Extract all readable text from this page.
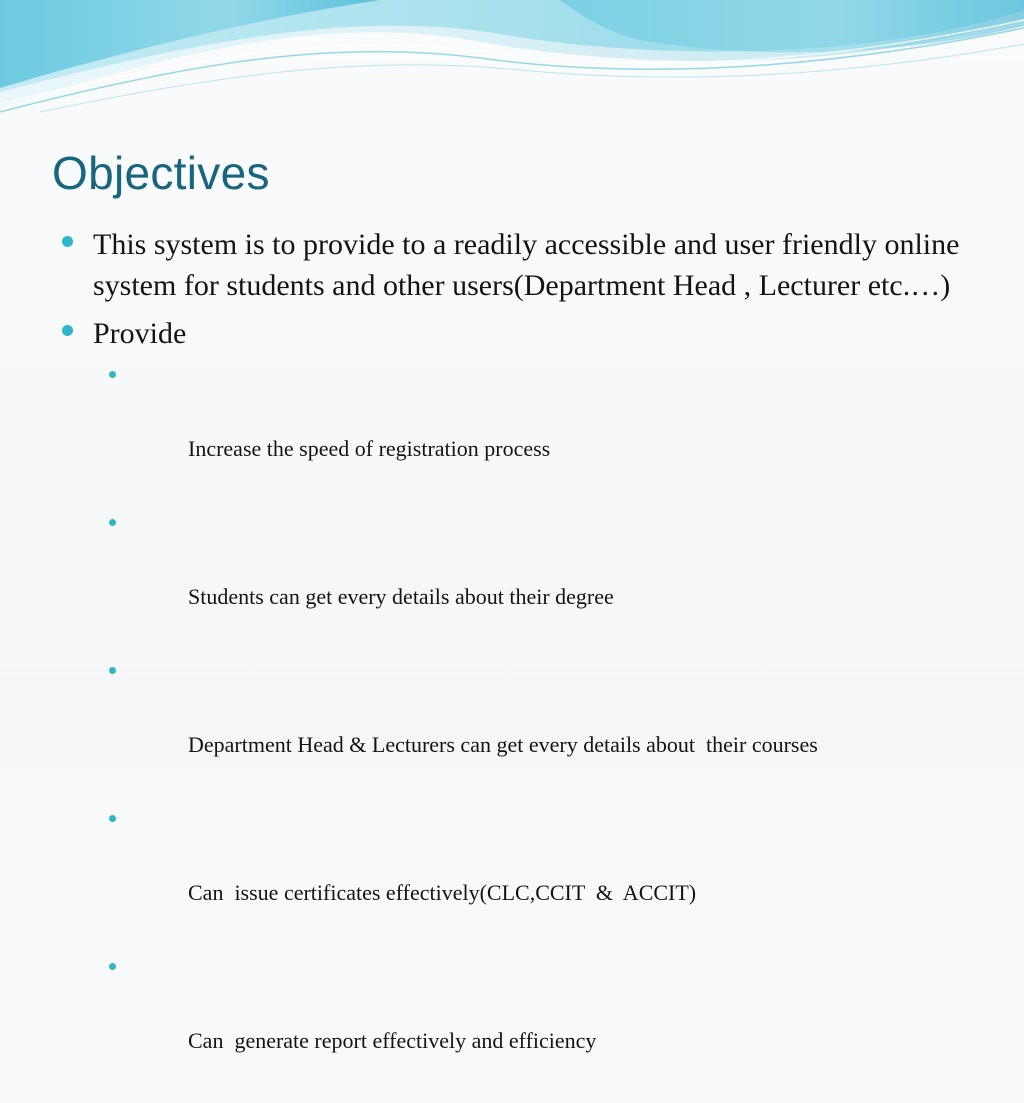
Objectives
This system is to provide to a readily accessible and user friendly online system for students and other users(Department Head , Lecturer etc.…)
Provide

Increase the speed of registration process

Students can get every details about their degree

Department Head & Lecturers can get every details about  their courses

Can  issue certificates effectively(CLC,CCIT  &  ACCIT)

Can  generate report effectively and efficiency
